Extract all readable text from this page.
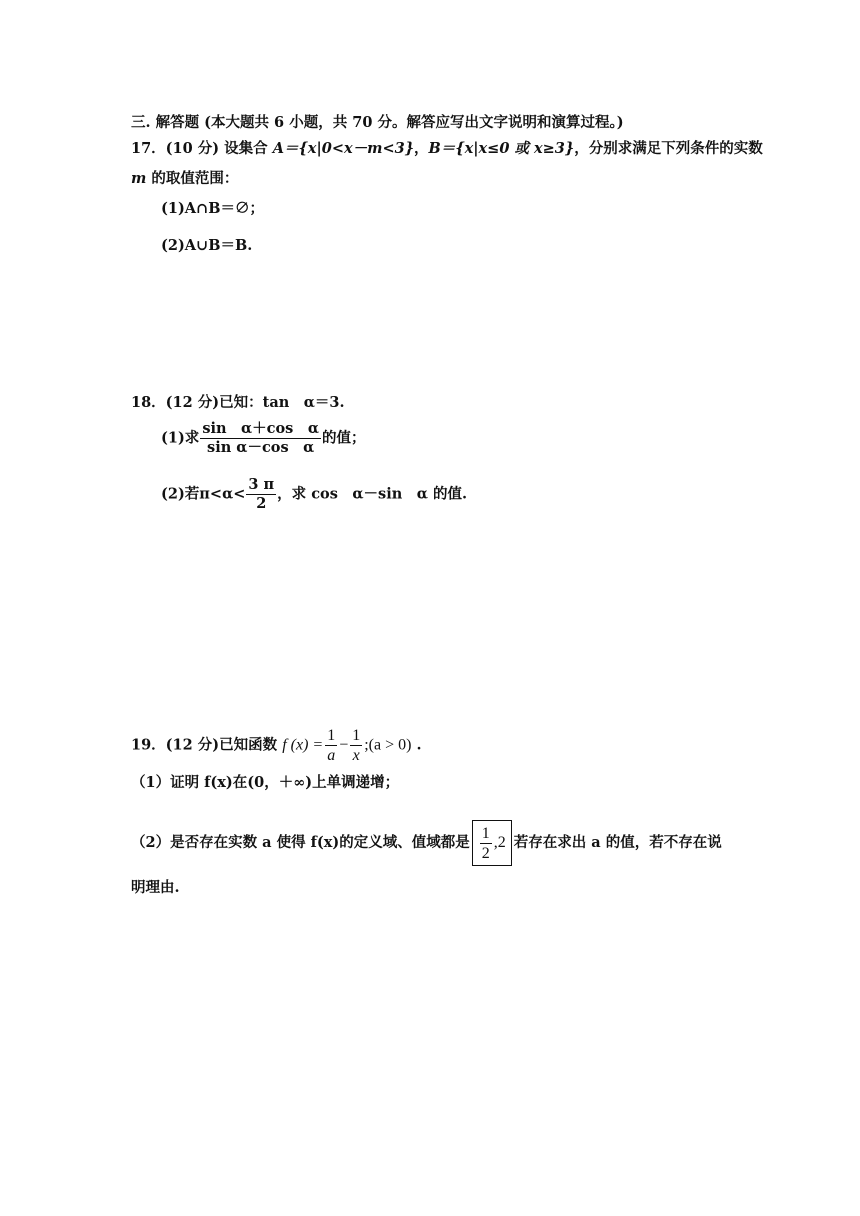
三. 解答题 (本大题共 6 小题，共 70 分。解答应写出文字说明和演算过程。)
17．(10 分) 设集合 A＝{x|0<x－m<3}，B＝{x|x≤0 或 x≥3}，分别求满足下列条件的实数
m 的取值范围：
(1)A∩B＝∅；
(2)A∪B＝B.
18．(12 分)已知：tan　α＝3.
(1)求 $\frac{\text{sin　α＋cos　α}}{\text{sin α－cos　α}}$ 的值；
(2)若$\pi<\alpha< \frac{3 \pi}{2}$ ，求 cos　α－sin　α 的值.
19．(12 分)已知函数 f $(x) = \frac{1}{a} - \frac{1}{x}$ ;(a > 0) .
（1）证明 f(x)在(0，＋∞)上单调递增；
（2）是否存在实数 a 使得 f(x)的定义域、值域都是 $\frac{1}{2} ,2$ 若存在求出 a 的值，若不存在说
明理由.
